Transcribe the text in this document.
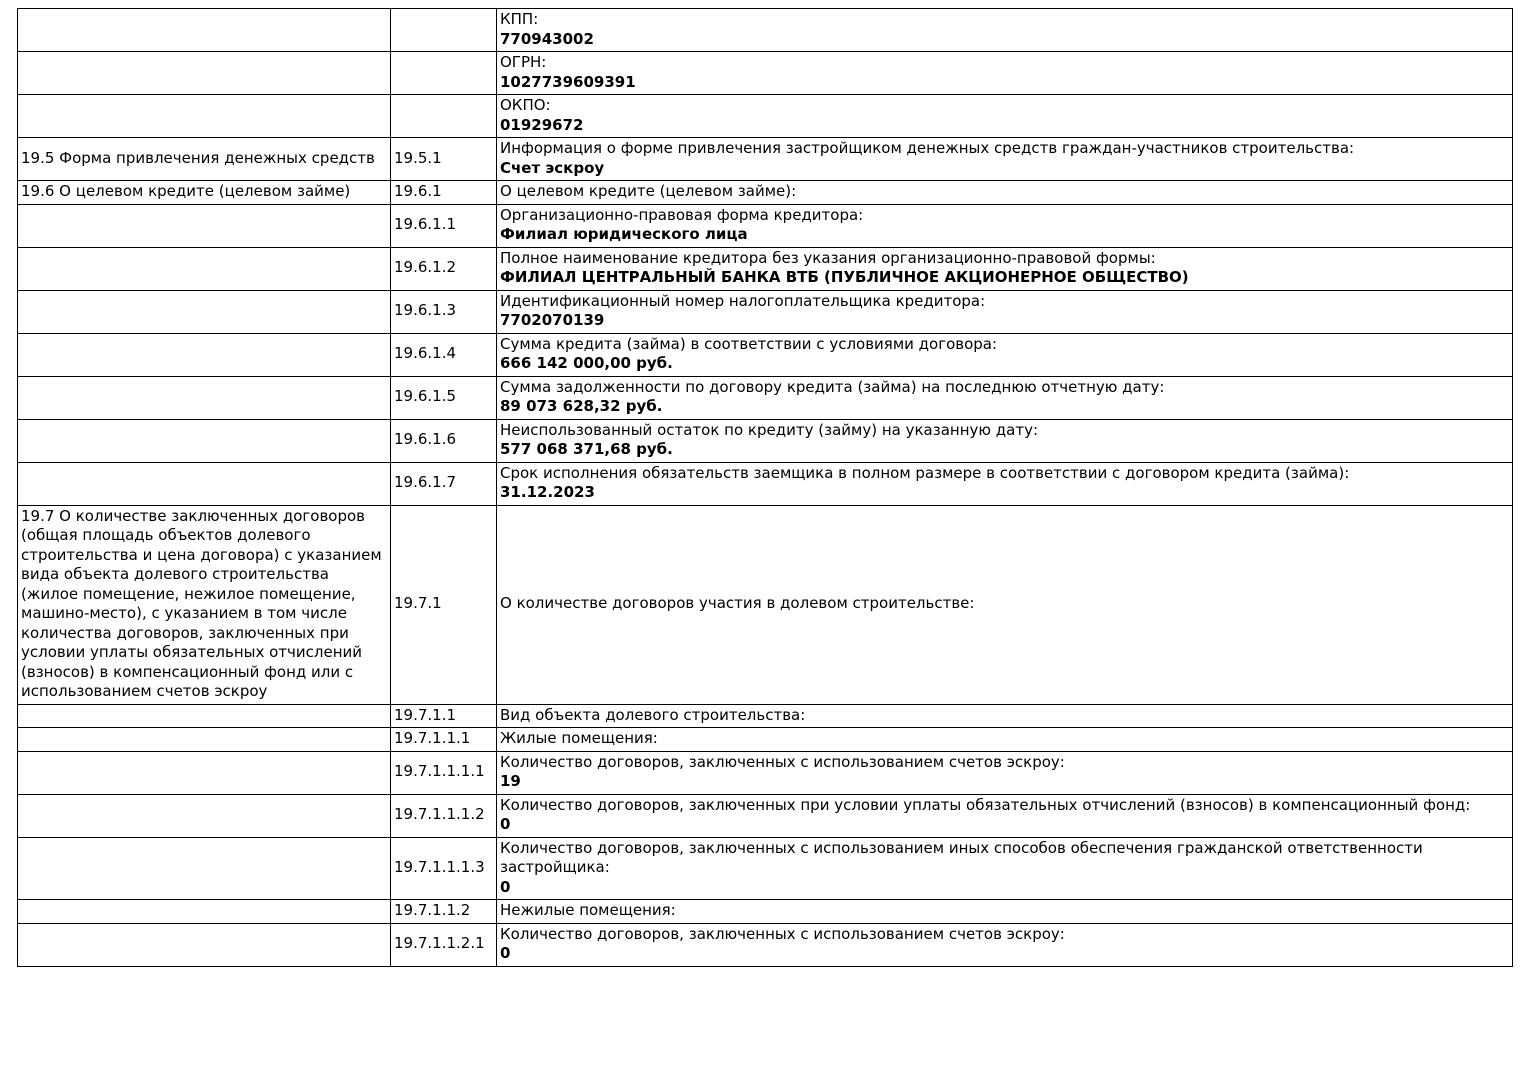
		КПП:
770943002

		ОГРН:
1027739609391

		ОКПО:
01929672

19.5 Форма привлечения денежных средств	19.5.1	Информация о форме привлечения застройщиком денежных средств граждан-участников строительства:
Счет эскроу

19.6 О целевом кредите (целевом займе)	19.6.1	О целевом кредите (целевом займе):

	19.6.1.1	Организационно-правовая форма кредитора:
Филиал юридического лица

	19.6.1.2	Полное наименование кредитора без указания организационно-правовой формы:
ФИЛИАЛ ЦЕНТРАЛЬНЫЙ БАНКА ВТБ (ПУБЛИЧНОЕ АКЦИОНЕРНОЕ ОБЩЕСТВО)

	19.6.1.3	Идентификационный номер налогоплательщика кредитора:
7702070139

	19.6.1.4	Сумма кредита (займа) в соответствии с условиями договора:
666 142 000,00 руб.

	19.6.1.5	Сумма задолженности по договору кредита (займа) на последнюю отчетную дату:
89 073 628,32 руб.

	19.6.1.6	Неиспользованный остаток по кредиту (займу) на указанную дату:
577 068 371,68 руб.

	19.6.1.7	Срок исполнения обязательств заемщика в полном размере в соответствии с договором кредита (займа):
31.12.2023

19.7 О количестве заключенных договоров (общая площадь объектов долевого строительства и цена договора) с указанием вида объекта долевого строительства (жилое помещение, нежилое помещение, машино-место), с указанием в том числе количества договоров, заключенных при условии уплаты обязательных отчислений (взносов) в компенсационный фонд или с использованием счетов эскроу	19.7.1	О количестве договоров участия в долевом строительстве:

	19.7.1.1	Вид объекта долевого строительства:

	19.7.1.1.1	Жилые помещения:

	19.7.1.1.1.1	Количество договоров, заключенных с использованием счетов эскроу:
19

	19.7.1.1.1.2	Количество договоров, заключенных при условии уплаты обязательных отчислений (взносов) в компенсационный фонд:
0

	19.7.1.1.1.3	Количество договоров, заключенных с использованием иных способов обеспечения гражданской ответственности застройщика:
0

	19.7.1.1.2	Нежилые помещения:

	19.7.1.1.2.1	Количество договоров, заключенных с использованием счетов эскроу:
0
